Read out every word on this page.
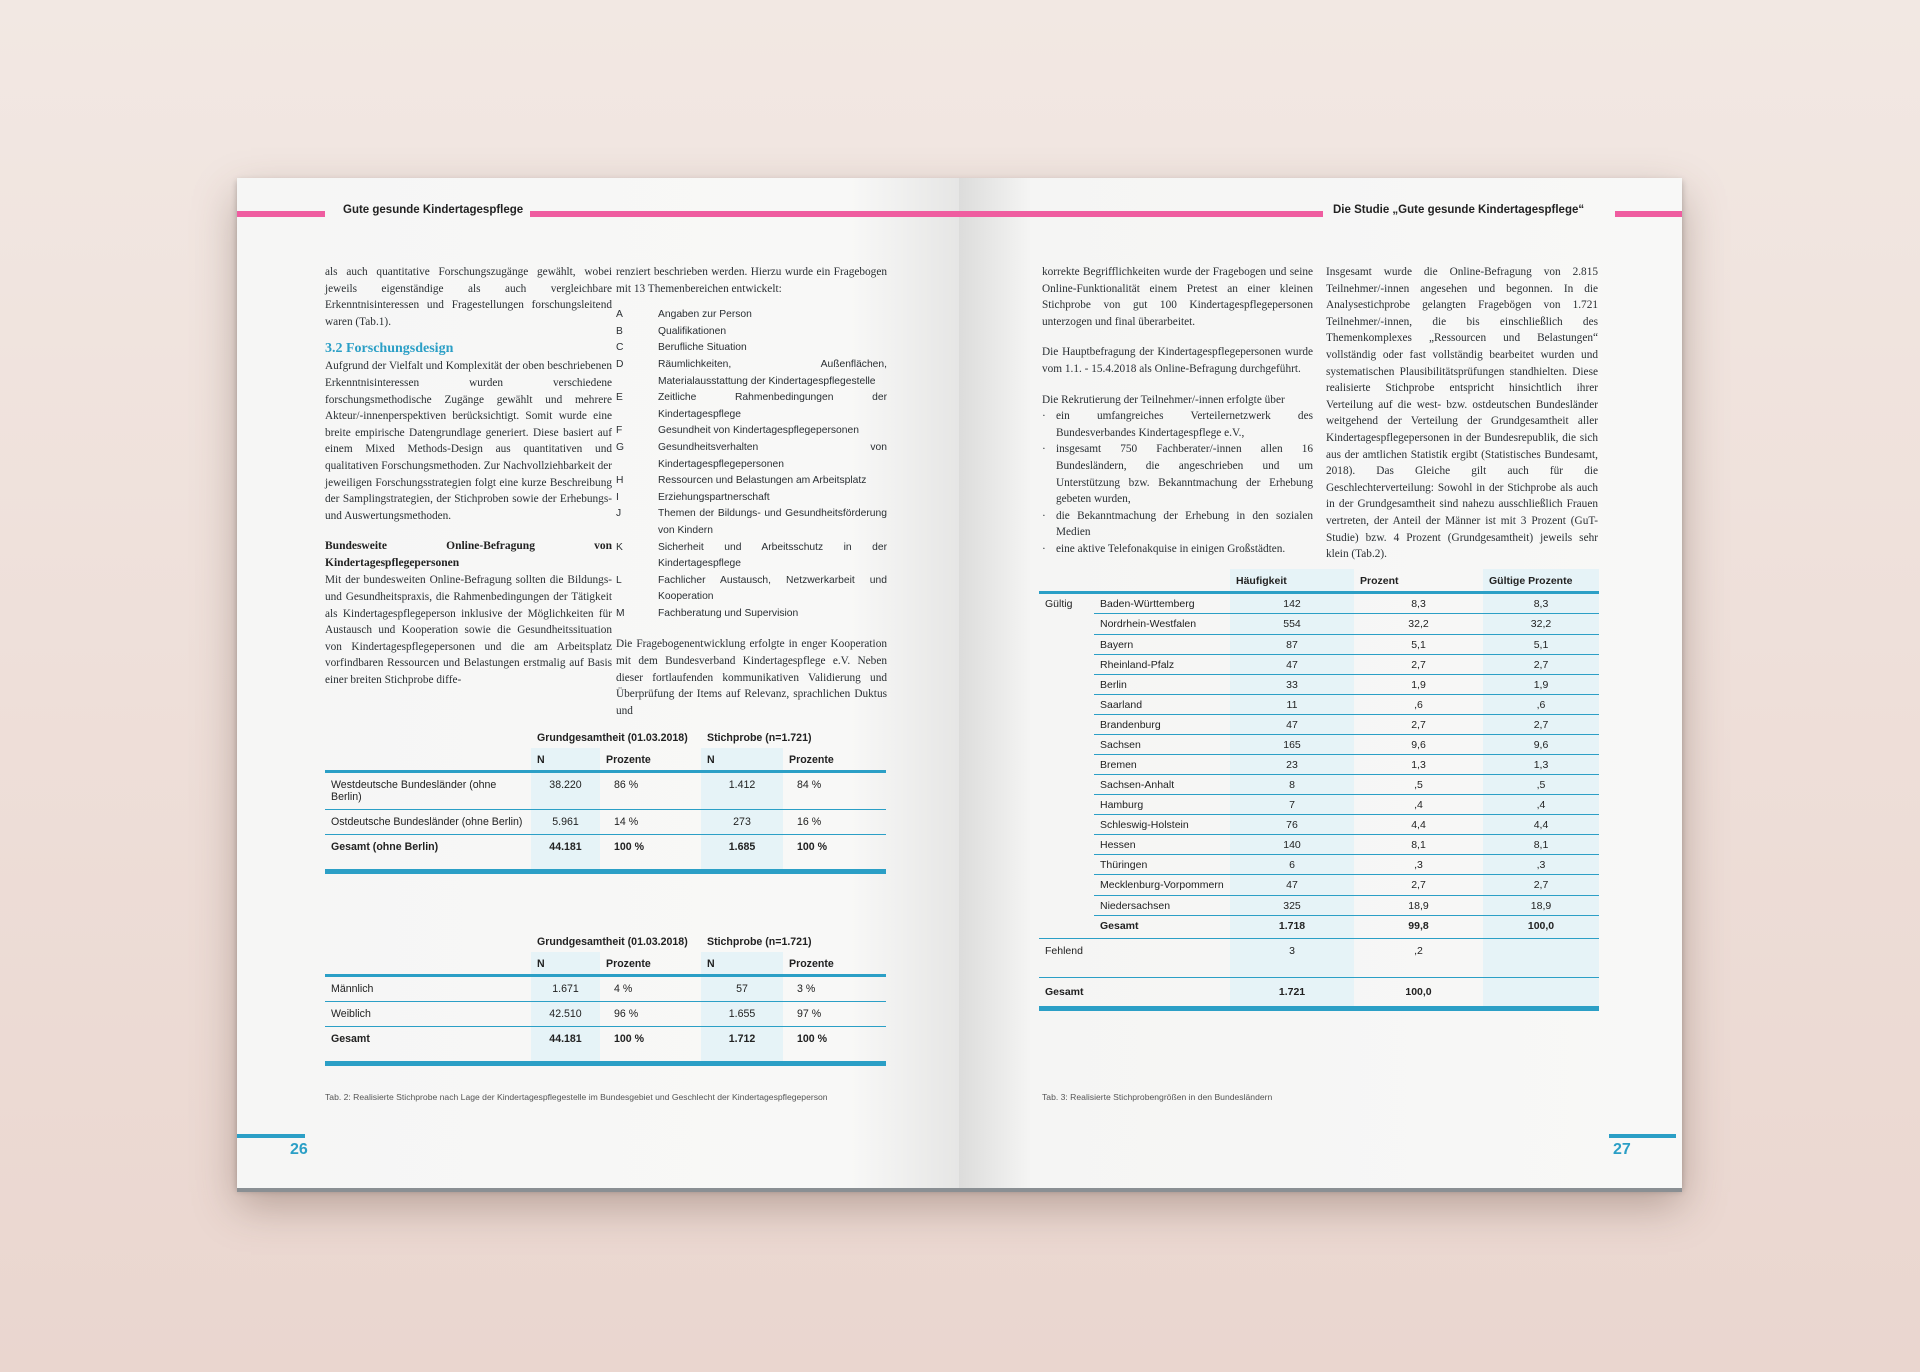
Gute gesunde Kindertagespflege

als auch quantitative Forschungszugänge gewählt, wobei jeweils eigenständige als auch vergleichbare Erkenntnisinteressen und Fragestellungen forschungsleitend waren (Tab.1).

3.2 Forschungsdesign

Aufgrund der Vielfalt und Komplexität der oben beschriebenen Erkenntnisinteressen wurden verschiedene forschungsmethodische Zugänge gewählt und mehrere Akteur/-innenperspektiven berücksichtigt. Somit wurde eine breite empirische Datengrundlage generiert. Diese basiert auf einem Mixed Methods-Design aus quantitativen und qualitativen Forschungsmethoden. Zur Nachvollziehbarkeit der jeweiligen Forschungsstrategien folgt eine kurze Beschreibung der Samplingstrategien, der Stichproben sowie der Erhebungs- und Auswertungsmethoden.

Bundesweite Online-Befragung von Kindertagespflegepersonen

Mit der bundesweiten Online-Befragung sollten die Bildungs- und Gesundheitspraxis, die Rahmenbedingungen der Tätigkeit als Kindertagespflegeperson inklusive der Möglichkeiten für Austausch und Kooperation sowie die Gesundheitssituation von Kindertagespflegepersonen und die am Arbeitsplatz vorfindbaren Ressourcen und Belastungen erstmalig auf Basis einer breiten Stichprobe diffe-

renziert beschrieben werden. Hierzu wurde ein Fragebogen mit 13 Themenbereichen entwickelt:

A	Angaben zur Person
B	Qualifikationen
C	Berufliche Situation
D	Räumlichkeiten, Außenflächen, Materialausstattung der Kindertagespflegestelle
E	Zeitliche Rahmenbedingungen der Kindertagespflege
F	Gesundheit von Kindertagespflegepersonen
G	Gesundheitsverhalten von Kindertagespflegepersonen
H	Ressourcen und Belastungen am Arbeitsplatz
I	Erziehungspartnerschaft
J	Themen der Bildungs- und Gesundheitsförderung von Kindern
K	Sicherheit und Arbeitsschutz in der Kindertagespflege
L	Fachlicher Austausch, Netzwerkarbeit und Kooperation
M	Fachberatung und Supervision

Die Fragebogenentwicklung erfolgte in enger Kooperation mit dem Bundesverband Kindertagespflege e.V. Neben dieser fortlaufenden kommunikativen Validierung und Überprüfung der Items auf Relevanz, sprachlichen Duktus und

	Grundgesamtheit (01.03.2018)		Stichprobe (n=1.721)	
	N	Prozente	N	Prozente
Westdeutsche Bundesländer (ohne Berlin)	38.220	86 %	1.412	84 %
Ostdeutsche Bundesländer (ohne Berlin)	5.961	14 %	273	16 %
Gesamt (ohne Berlin)	44.181	100 %	1.685	100 %
	Grundgesamtheit (01.03.2018)		Stichprobe (n=1.721)	
	N	Prozente	N	Prozente
Männlich	1.671	4 %	57	3 %
Weiblich	42.510	96 %	1.655	97 %
Gesamt	44.181	100 %	1.712	100 %
Tab. 2: Realisierte Stichprobe nach Lage der Kindertagespflegestelle im Bundesgebiet und Geschlecht der Kindertagespflegeperson
26
Die Studie „Gute gesunde Kindertagespflege“

korrekte Begrifflichkeiten wurde der Fragebogen und seine Online-Funktionalität einem Pretest an einer kleinen Stichprobe von gut 100 Kindertagespflegepersonen unterzogen und final überarbeitet.

Die Hauptbefragung der Kindertagespflegepersonen wurde vom 1.1. - 15.4.2018 als Online-Befragung durchgeführt.

Die Rekrutierung der Teilnehmer/-innen erfolgte über

· ein umfangreiches Verteilernetzwerk des Bundesverbandes Kindertagespflege e.V.,
· insgesamt 750 Fachberater/-innen allen 16 Bundesländern, die angeschrieben und um Unterstützung bzw. Bekanntmachung der Erhebung gebeten wurden,
· die Bekanntmachung der Erhebung in den sozialen Medien
· eine aktive Telefonakquise in einigen Großstädten.

Insgesamt wurde die Online-Befragung von 2.815 Teilnehmer/-innen angesehen und begonnen. In die Analysestichprobe gelangten Fragebögen von 1.721 Teilnehmer/-innen, die bis einschließlich des Themenkomplexes „Ressourcen und Belastungen“ vollständig oder fast vollständig bearbeitet wurden und systematischen Plausibilitätsprüfungen standhielten. Diese realisierte Stichprobe entspricht hinsichtlich ihrer Verteilung auf die west- bzw. ostdeutschen Bundesländer weitgehend der Verteilung der Grundgesamtheit aller Kindertagespflegepersonen in der Bundesrepublik, die sich aus der amtlichen Statistik ergibt (Statistisches Bundesamt, 2018). Das Gleiche gilt auch für die Geschlechterverteilung: Sowohl in der Stichprobe als auch in der Grundgesamtheit sind nahezu ausschließlich Frauen vertreten, der Anteil der Männer ist mit 3 Prozent (GuT-Studie) bzw. 4 Prozent (Grundgesamtheit) jeweils sehr klein (Tab.2).

		Häufigkeit	Prozent	Gültige Prozente
Gültig	Baden-Württemberg	142	8,3	8,3
	Nordrhein-Westfalen	554	32,2	32,2
	Bayern	87	5,1	5,1
	Rheinland-Pfalz	47	2,7	2,7
	Berlin	33	1,9	1,9
	Saarland	11	,6	,6
	Brandenburg	47	2,7	2,7
	Sachsen	165	9,6	9,6
	Bremen	23	1,3	1,3
	Sachsen-Anhalt	8	,5	,5
	Hamburg	7	,4	,4
	Schleswig-Holstein	76	4,4	4,4
	Hessen	140	8,1	8,1
	Thüringen	6	,3	,3
	Mecklenburg-Vorpommern	47	2,7	2,7
	Niedersachsen	325	18,9	18,9
	Gesamt	1.718	99,8	100,0
Fehlend		3	,2	
Gesamt		1.721	100,0	
Tab. 3: Realisierte Stichprobengrößen in den Bundesländern
27
